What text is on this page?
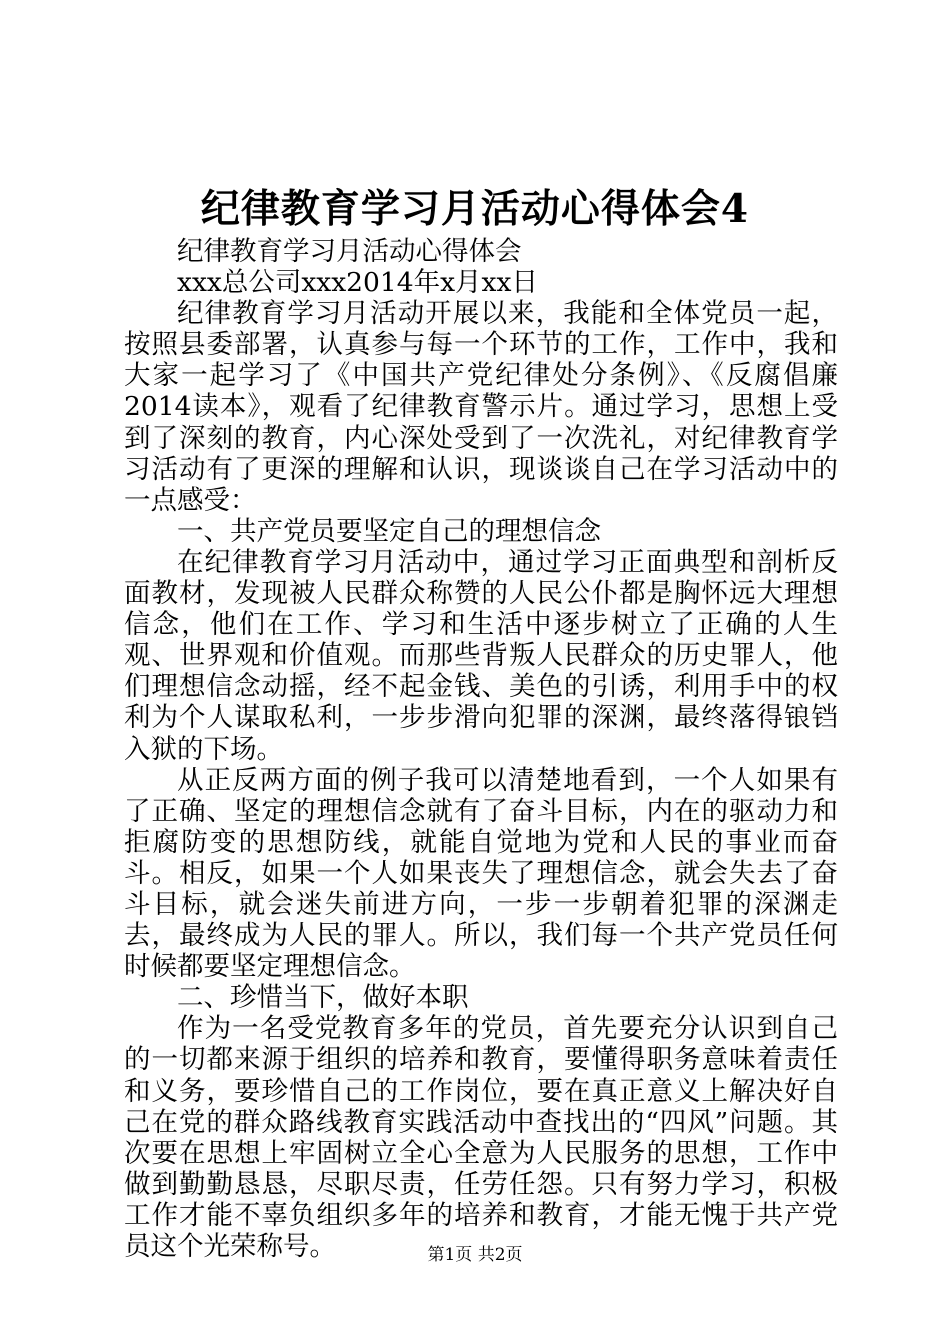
纪律教育学习月活动心得体会4

纪律教育学习月活动心得体会

xxx总公司xxx2014年x月xx日

纪律教育学习月活动开展以来，我能和全体党员一起，按照县委部署，认真参与每一个环节的工作，工作中，我和大家一起学习了《中国共产党纪律处分条例》、《反腐倡廉2014读本》，观看了纪律教育警示片。通过学习，思想上受到了深刻的教育，内心深处受到了一次洗礼，对纪律教育学习活动有了更深的理解和认识，现谈谈自己在学习活动中的一点感受：

一、共产党员要坚定自己的理想信念

在纪律教育学习月活动中，通过学习正面典型和剖析反面教材，发现被人民群众称赞的人民公仆都是胸怀远大理想信念，他们在工作、学习和生活中逐步树立了正确的人生观、世界观和价值观。而那些背叛人民群众的历史罪人，他们理想信念动摇，经不起金钱、美色的引诱，利用手中的权利为个人谋取私利，一步步滑向犯罪的深渊，最终落得锒铛入狱的下场。

从正反两方面的例子我可以清楚地看到，一个人如果有了正确、坚定的理想信念就有了奋斗目标，内在的驱动力和拒腐防变的思想防线，就能自觉地为党和人民的事业而奋斗。相反，如果一个人如果丧失了理想信念，就会失去了奋斗目标，就会迷失前进方向，一步一步朝着犯罪的深渊走去，最终成为人民的罪人。所以，我们每一个共产党员任何时候都要坚定理想信念。

二、珍惜当下，做好本职

作为一名受党教育多年的党员，首先要充分认识到自己的一切都来源于组织的培养和教育，要懂得职务意味着责任和义务，要珍惜自己的工作岗位，要在真正意义上解决好自己在党的群众路线教育实践活动中查找出的“四风”问题。其次要在思想上牢固树立全心全意为人民服务的思想，工作中做到勤勤恳恳，尽职尽责，任劳任怨。只有努力学习，积极工作才能不辜负组织多年的培养和教育，才能无愧于共产党员这个光荣称号。	第1页 共2页
